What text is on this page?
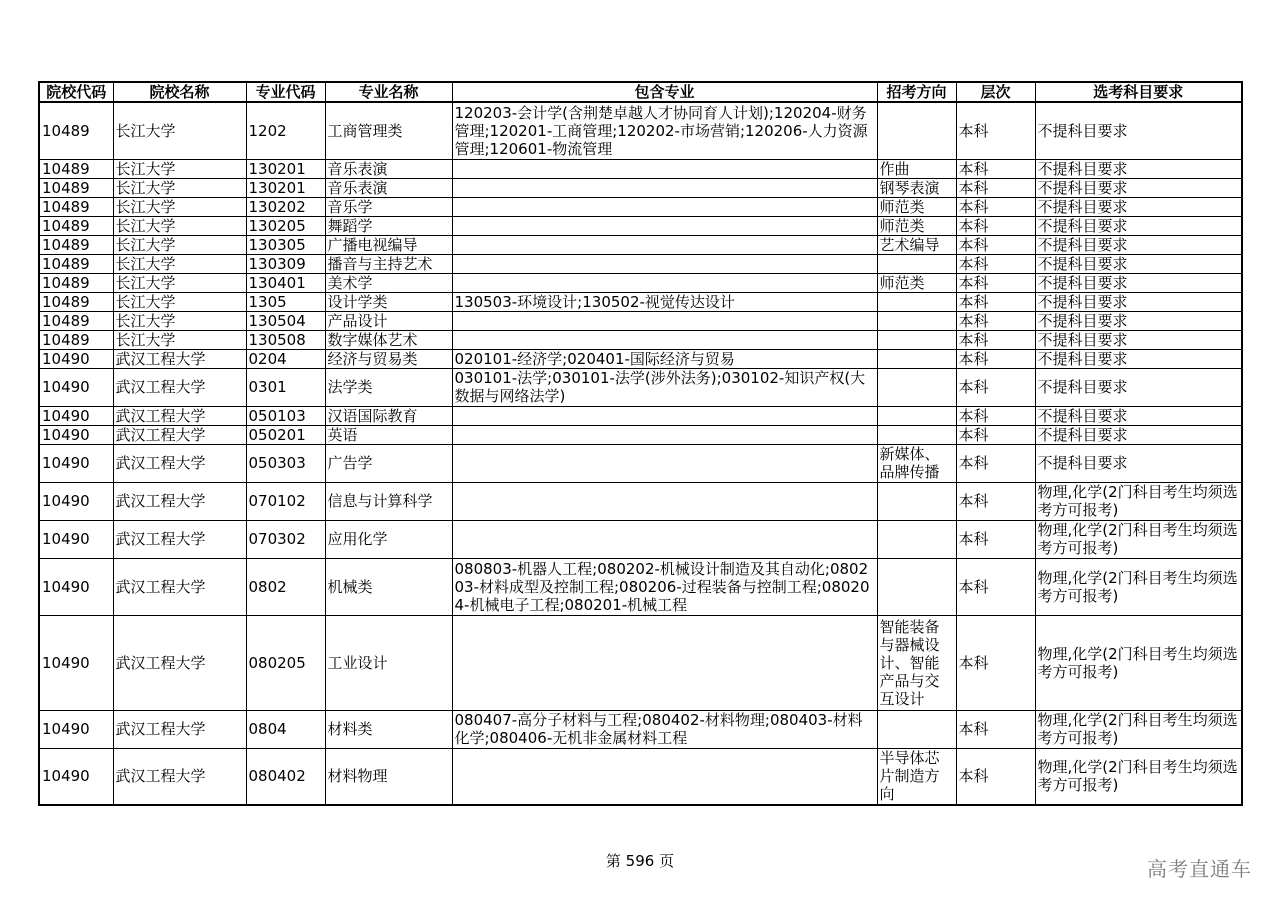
院校代码	院校名称	专业代码	专业名称	包含专业	招考方向	层次	选考科目要求
10489	长江大学	1202	工商管理类	120203-会计学(含荆楚卓越人才协同育人计划);120204-财务管理;120201-工商管理;120202-市场营销;120206-人力资源管理;120601-物流管理		本科	不提科目要求
10489	长江大学	130201	音乐表演		作曲	本科	不提科目要求
10489	长江大学	130201	音乐表演		钢琴表演	本科	不提科目要求
10489	长江大学	130202	音乐学		师范类	本科	不提科目要求
10489	长江大学	130205	舞蹈学		师范类	本科	不提科目要求
10489	长江大学	130305	广播电视编导		艺术编导	本科	不提科目要求
10489	长江大学	130309	播音与主持艺术			本科	不提科目要求
10489	长江大学	130401	美术学		师范类	本科	不提科目要求
10489	长江大学	1305	设计学类	130503-环境设计;130502-视觉传达设计		本科	不提科目要求
10489	长江大学	130504	产品设计			本科	不提科目要求
10489	长江大学	130508	数字媒体艺术			本科	不提科目要求
10490	武汉工程大学	0204	经济与贸易类	020101-经济学;020401-国际经济与贸易		本科	不提科目要求
10490	武汉工程大学	0301	法学类	030101-法学;030101-法学(涉外法务);030102-知识产权(大数据与网络法学)		本科	不提科目要求
10490	武汉工程大学	050103	汉语国际教育			本科	不提科目要求
10490	武汉工程大学	050201	英语			本科	不提科目要求
10490	武汉工程大学	050303	广告学		新媒体、品牌传播	本科	不提科目要求
10490	武汉工程大学	070102	信息与计算科学			本科	物理,化学(2门科目考生均须选考方可报考)
10490	武汉工程大学	070302	应用化学			本科	物理,化学(2门科目考生均须选考方可报考)
10490	武汉工程大学	0802	机械类	080803-机器人工程;080202-机械设计制造及其自动化;080203-材料成型及控制工程;080206-过程装备与控制工程;080204-机械电子工程;080201-机械工程		本科	物理,化学(2门科目考生均须选考方可报考)
10490	武汉工程大学	080205	工业设计		智能装备与器械设计、智能产品与交互设计	本科	物理,化学(2门科目考生均须选考方可报考)
10490	武汉工程大学	0804	材料类	080407-高分子材料与工程;080402-材料物理;080403-材料化学;080406-无机非金属材料工程		本科	物理,化学(2门科目考生均须选考方可报考)
10490	武汉工程大学	080402	材料物理		半导体芯片制造方向	本科	物理,化学(2门科目考生均须选考方可报考)
第 596 页	高考直通车
